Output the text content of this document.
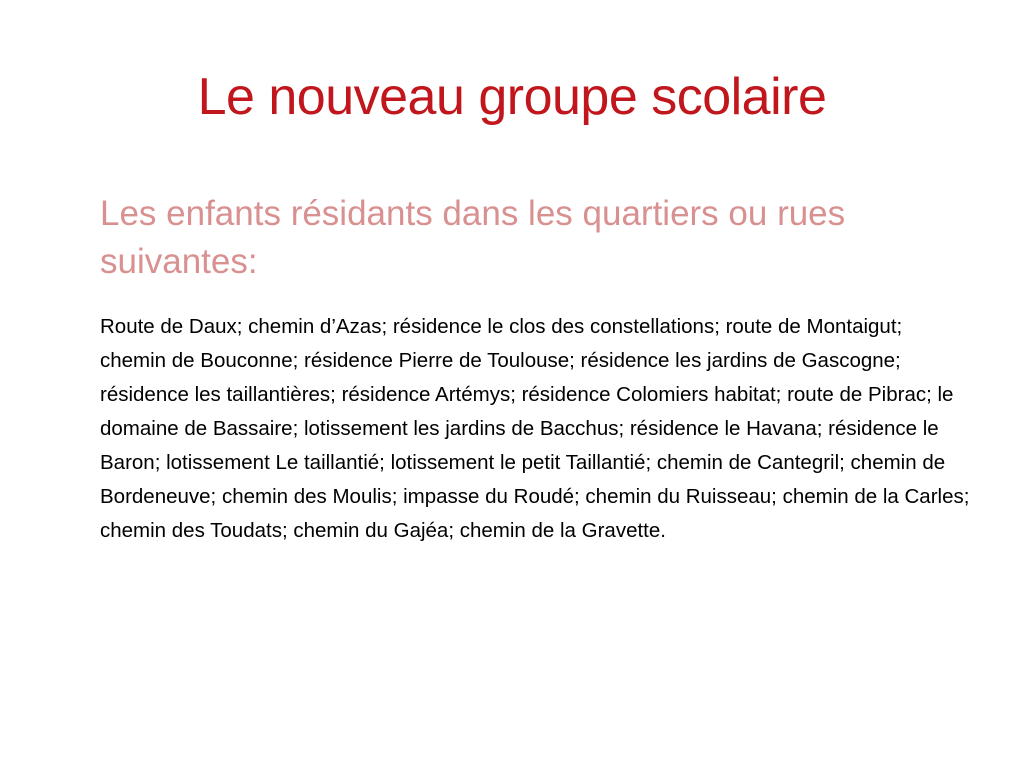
Le nouveau groupe scolaire
Les enfants résidants dans les quartiers ou rues suivantes:

Route de Daux; chemin d’Azas; résidence le clos des constellations; route de Montaigut; chemin de Bouconne; résidence Pierre de Toulouse; résidence les jardins de Gascogne; résidence les taillantières; résidence Artémys; résidence Colomiers habitat; route de Pibrac; le domaine de Bassaire; lotissement les jardins de Bacchus; résidence le Havana; résidence le Baron; lotissement Le taillantié; lotissement le petit Taillantié; chemin de Cantegril; chemin de Bordeneuve; chemin des Moulis; impasse du Roudé; chemin du Ruisseau; chemin de la Carles; chemin des Toudats; chemin du Gajéa; chemin de la Gravette.
